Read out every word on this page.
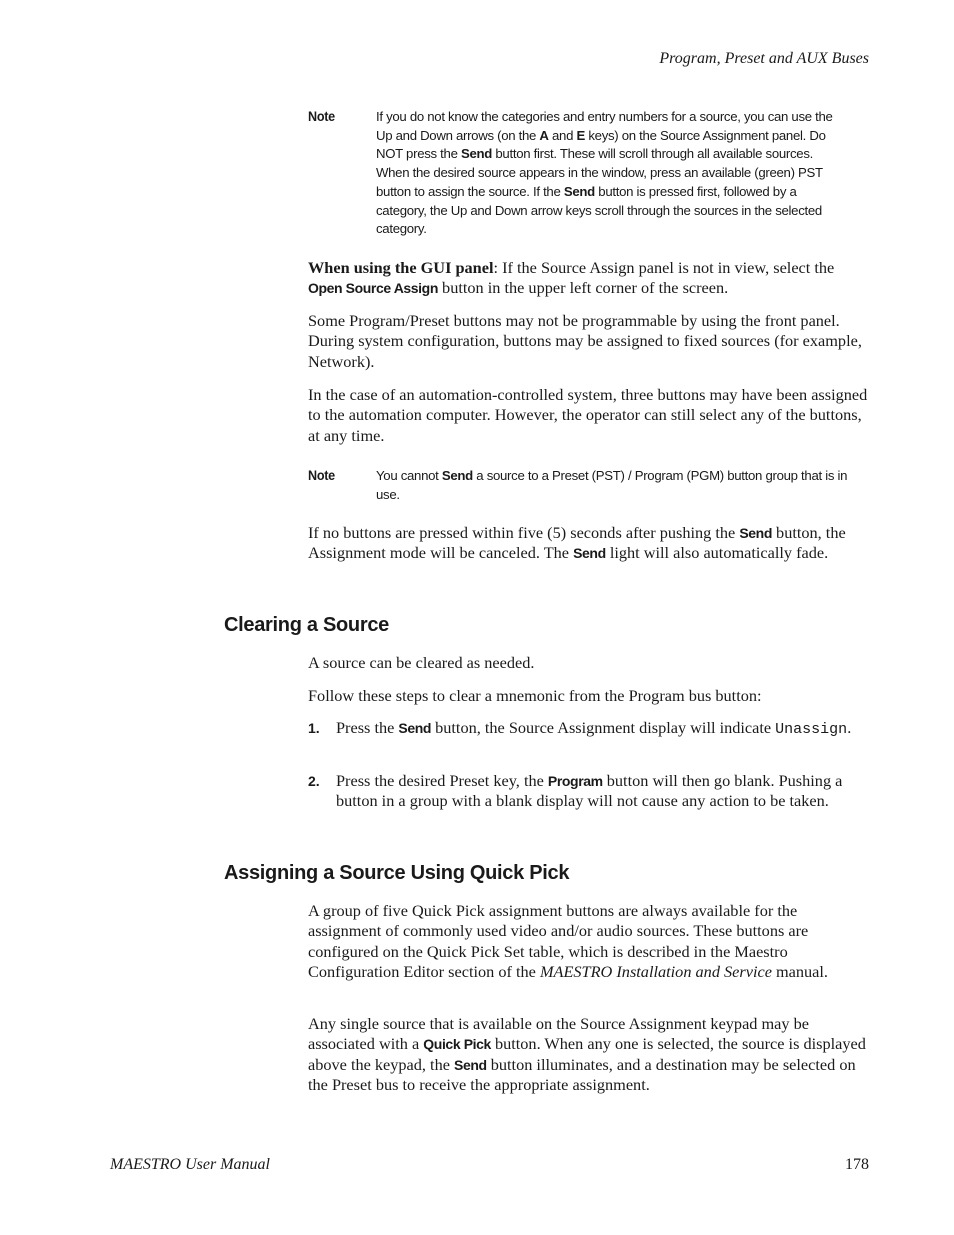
Program, Preset and AUX Buses
Note	If you do not know the categories and entry numbers for a source, you can use the Up and Down arrows (on the A and E keys) on the Source Assignment panel. Do NOT press the Send button first. These will scroll through all available sources. When the desired source appears in the window, press an available (green) PST button to assign the source. If the Send button is pressed first, followed by a category, the Up and Down arrow keys scroll through the sources in the selected category.
When using the GUI panel: If the Source Assign panel is not in view, select the Open Source Assign button in the upper left corner of the screen.
Some Program/Preset buttons may not be programmable by using the front panel. During system configuration, buttons may be assigned to fixed sources (for example, Network).
In the case of an automation-controlled system, three buttons may have been assigned to the automation computer. However, the operator can still select any of the buttons, at any time.
Note	You cannot Send a source to a Preset (PST) / Program (PGM) button group that is in use.
If no buttons are pressed within five (5) seconds after pushing the Send button, the Assignment mode will be canceled. The Send light will also automatically fade.
Clearing a Source
A source can be cleared as needed.
Follow these steps to clear a mnemonic from the Program bus button:
1. Press the Send button, the Source Assignment display will indicate Unassign.
2. Press the desired Preset key, the Program button will then go blank. Pushing a button in a group with a blank display will not cause any action to be taken.
Assigning a Source Using Quick Pick
A group of five Quick Pick assignment buttons are always available for the assignment of commonly used video and/or audio sources. These buttons are configured on the Quick Pick Set table, which is described in the Maestro Configuration Editor section of the MAESTRO Installation and Service manual.
Any single source that is available on the Source Assignment keypad may be associated with a Quick Pick button. When any one is selected, the source is displayed above the keypad, the Send button illuminates, and a destination may be selected on the Preset bus to receive the appropriate assignment.
MAESTRO User Manual	178
